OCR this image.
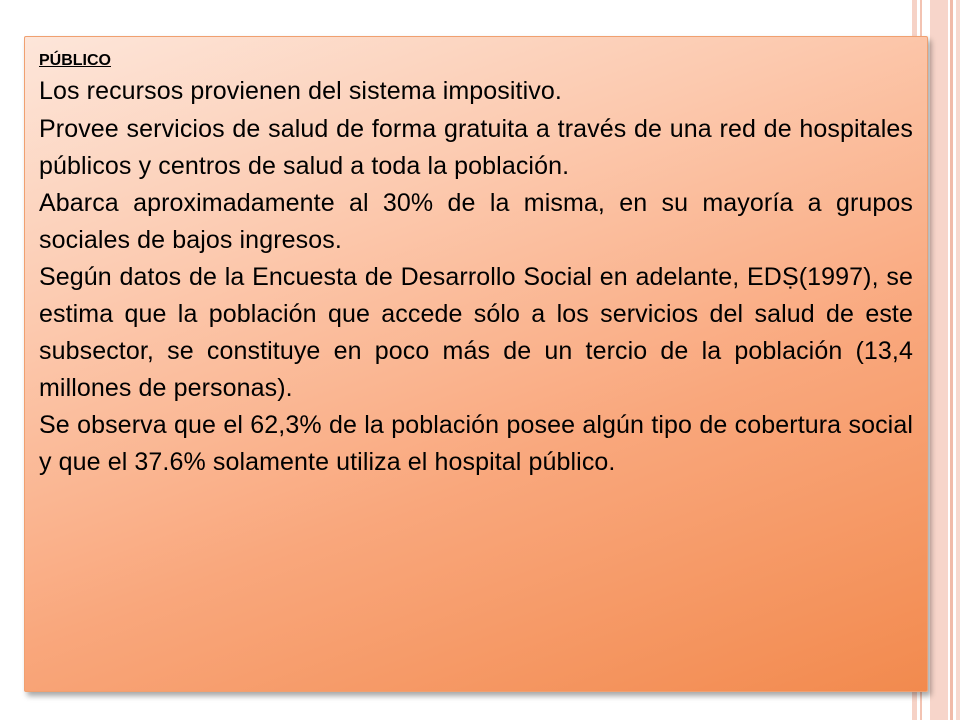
PÚBLICO

Los recursos provienen del sistema impositivo.

Provee servicios de salud de forma gratuita a través de una red de hospitales públicos y centros de salud a toda la población.

Abarca aproximadamente al 30% de la misma, en su mayoría a grupos sociales de bajos ingresos.

Según datos de la Encuesta de Desarrollo Social en adelante, EDṢ(1997), se estima que la población que accede sólo a los servicios del salud de este subsector, se constituye en poco más de un tercio de la población (13,4 millones de personas).

Se observa que el 62,3% de la población posee algún tipo de cobertura social y que el 37.6% solamente utiliza el hospital público.
